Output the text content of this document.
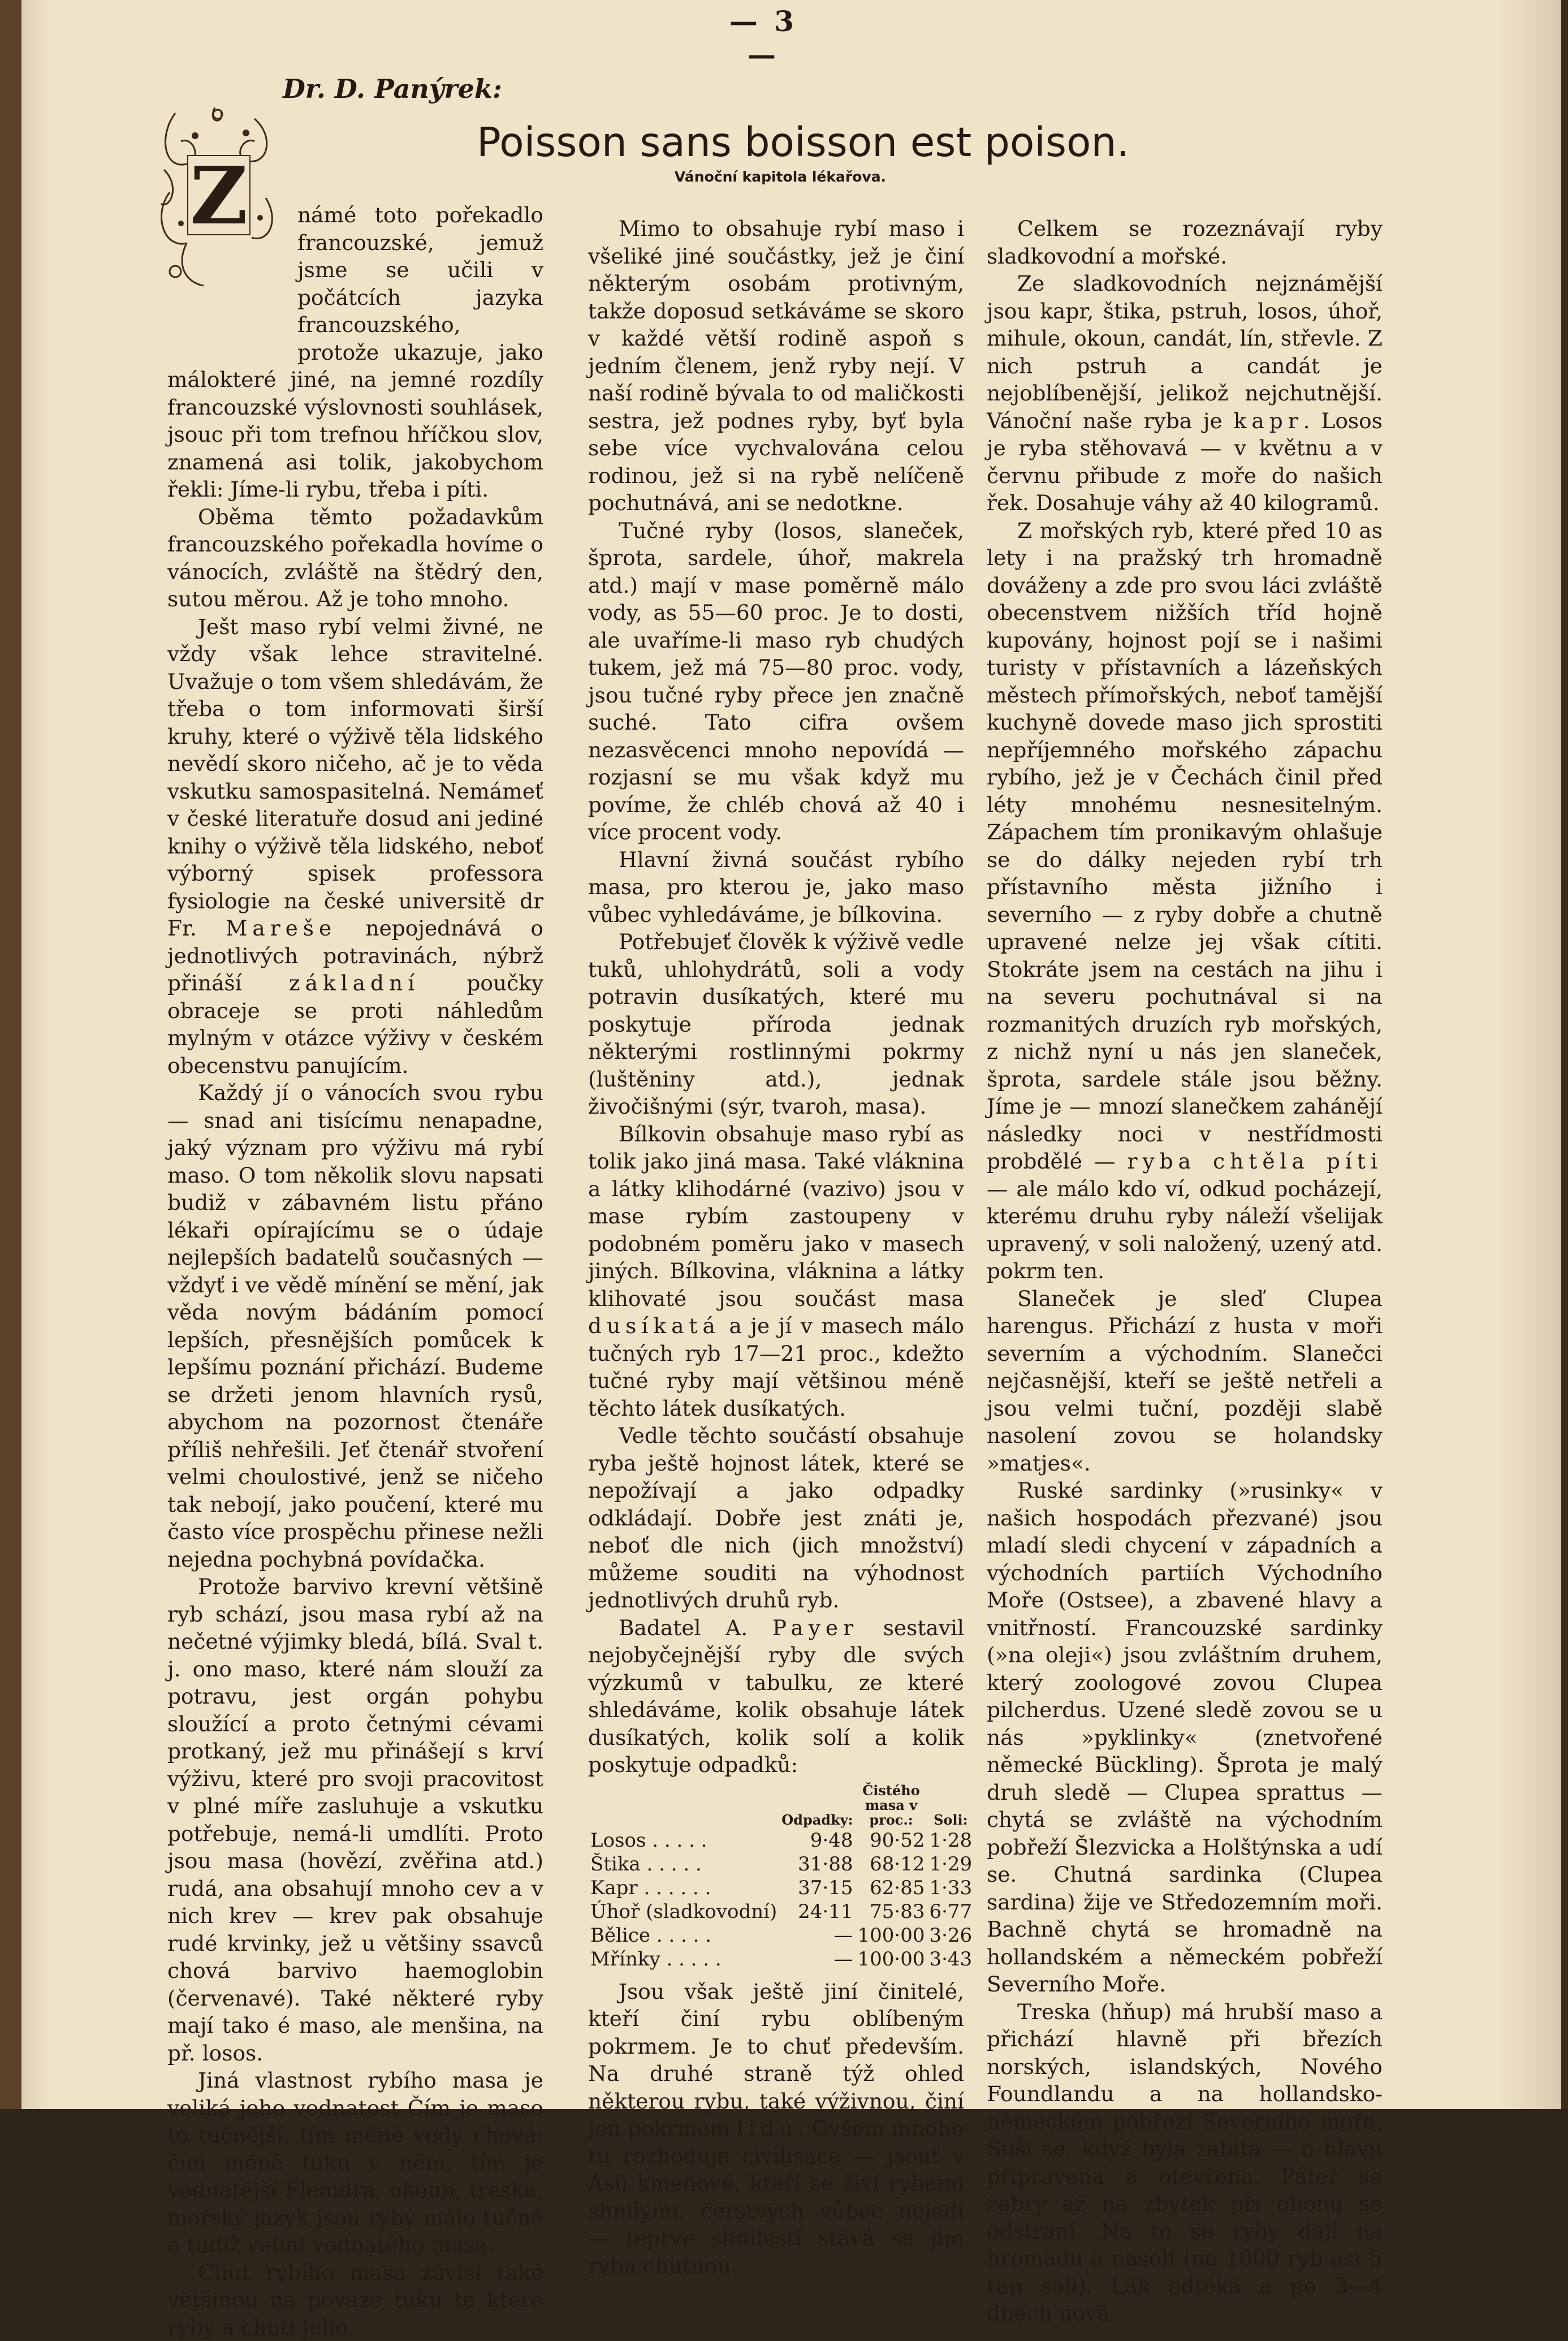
— 3 —
Dr. D. Panýrek:
Poisson sans boisson est poison.
Vánoční kapitola lékařova.
Z	námé toto pořekadlo francouzské, jemuž jsme se učili v počátcích jazyka francouzského, protože ukazuje, jako málokteré jiné, na jemné rozdíly francouzské výslovnosti souhlásek, jsouc při tom trefnou hříčkou slov, znamená asi tolik, jakobychom řekli: Jíme-li rybu, třeba i píti.

Oběma těmto požadavkům francouzského pořekadla hovíme o vánocích, zvláště na štědrý den, sutou měrou. Až je toho mnoho.

Ješt maso rybí velmi živné, ne vždy však lehce stravitelné. Uvažuje o tom všem shledávám, že třeba o tom informovati širší kruhy, které o výživě těla lidského nevědí skoro ničeho, ač je to věda vskutku samospasitelná. Nemámeť v české literatuře dosud ani jediné knihy o výživě těla lidského, neboť výborný spisek professora fysiologie na české universitě dr Fr. Mareše nepojednává o jednotlivých potravinách, nýbrž přináší základní poučky obraceje se proti náhledům mylným v otázce výživy v českém obecenstvu panujícím.

Každý jí o vánocích svou rybu — snad ani tisícímu nenapadne, jaký význam pro výživu má rybí maso. O tom několik slovu napsati budiž v zábavném listu přáno lékaři opírajícímu se o údaje nejlepších badatelů současných — vždyť i ve vědě mínění se mění, jak věda novým bádáním pomocí lepších, přesnějších pomůcek k lepšímu poznání přichází. Budeme se držeti jenom hlavních rysů, abychom na pozornost čtenáře příliš nehřešili. Jeť čtenář stvoření velmi choulostivé, jenž se ničeho tak nebojí, jako poučení, které mu často více prospěchu přinese nežli nejedna pochybná povídačka.

Protože barvivo krevní většině ryb schází, jsou masa rybí až na nečetné výjimky bledá, bílá. Sval t. j. ono maso, které nám slouží za potravu, jest orgán pohybu sloužící a proto četnými cévami protkaný, jež mu přinášejí s krví výživu, které pro svoji pracovitost v plné míře zasluhuje a vskutku potřebuje, nemá-li umdlíti. Proto jsou masa (hovězí, zvěřina atd.) rudá, ana obsahují mnoho cev a v nich krev — krev pak obsahuje rudé krvinky, jež u většiny ssavců chová barvivo haemoglobin (červenavé). Také některé ryby mají tako é maso, ale menšina, na př. losos.

Jiná vlastnost rybího masa je veliká jeho vodnatost Čím je maso to tučnější, tím méně vody chová; čím méně tuku v něm, tím je vodnatější Flemdra, okoun, treska, mořský jazyk jsou ryby málo tučné a tudíž velmi vodnatého masa.

Chuť rybího masa závisí také většinou na povaze tuku té které ryby a chuti jeho.

Mimo to obsahuje rybí maso i všeliké jiné součástky, jež je činí některým osobám protivným, takže doposud setkáváme se skoro v každé větší rodině aspoň s jedním členem, jenž ryby nejí. V naší rodině bývala to od maličkosti sestra, jež podnes ryby, byť byla sebe více vychvalována celou rodinou, jež si na rybě nelíčeně pochutnává, ani se nedotkne.

Tučné ryby (losos, slaneček, šprota, sardele, úhoř, makrela atd.) mají v mase poměrně málo vody, as 55—60 proc. Je to dosti, ale uvaříme-li maso ryb chudých tukem, jež má 75—80 proc. vody, jsou tučné ryby přece jen značně suché. Tato cifra ovšem nezasvěcenci mnoho nepovídá — rozjasní se mu však když mu povíme, že chléb chová až 40 i více procent vody.

Hlavní živná součást rybího masa, pro kterou je, jako maso vůbec vyhledáváme, je bílkovina.

Potřebujeť člověk k výživě vedle tuků, uhlohydrátů, soli a vody potravin dusíkatých, které mu poskytuje příroda jednak některými rostlinnými pokrmy (luštěniny atd.), jednak živočišnými (sýr, tvaroh, masa).

Bílkovin obsahuje maso rybí as tolik jako jiná masa. Také vláknina a látky klihodárné (vazivo) jsou v mase rybím zastoupeny v podobném poměru jako v masech jiných. Bílkovina, vláknina a látky klihovaté jsou součást masa dusíkatá a je jí v masech málo tučných ryb 17—21 proc., kdežto tučné ryby mají většinou méně těchto látek dusíkatých.

Vedle těchto součástí obsahuje ryba ještě hojnost látek, které se nepožívají a jako odpadky odkládají. Dobře jest znáti je, neboť dle nich (jich množství) můžeme souditi na výhodnost jednotlivých druhů ryb.

Badatel A. Payer sestavil nejobyčejnější ryby dle svých výzkumů v tabulku, ze které shledáváme, kolik obsahuje látek dusíkatých, kolik solí a kolik poskytuje odpadků:

	Odpadky:	Čistého masa v proc.:	Soli:
Losos . . . . .	9·48	90·52	1·28
Štika . . . . .	31·88	68·12	1·29
Kapr . . . . . .	37·15	62·85	1·33
Úhoř (sladkovodní)	24·11	75·83	6·77
Bělice . . . . .	—	100·00	3·26
Mřínky . . . . .	—	100·00	3·43

Jsou však ještě jiní činitelé, kteří činí rybu oblíbeným pokrmem. Je to chuť především. Na druhé straně týž ohled některou rybu, také výživnou, činí jen pokrmem lidu. Ovšem mnoho tu rozhoduje civilisace — jsouť v Asii kmenové, kteří se živí rybami shnilými, čerstvých vůbec nejedí — teprve shnilostí stává se jim ryba chutnou.

Celkem se rozeznávají ryby sladkovodní a mořské.

Ze sladkovodních nejznámější jsou kapr, štika, pstruh, losos, úhoř, mihule, okoun, candát, lín, střevle. Z nich pstruh a candát je nejoblíbenější, jelikož nejchutnější. Vánoční naše ryba je kapr. Losos je ryba stěhovavá — v květnu a v červnu přibude z moře do našich řek. Dosahuje váhy až 40 kilogramů.

Z mořských ryb, které před 10 as lety i na pražský trh hromadně dováženy a zde pro svou láci zvláště obecenstvem nižších tříd hojně kupovány, hojnost pojí se i našimi turisty v přístavních a lázeňských městech přímořských, neboť tamější kuchyně dovede maso jich sprostiti nepříjemného mořského zápachu rybího, jež je v Čechách činil před léty mnohému nesnesitelným. Zápachem tím pronikavým ohlašuje se do dálky nejeden rybí trh přístavního města jižního i severního — z ryby dobře a chutně upravené nelze jej však cítiti. Stokráte jsem na cestách na jihu i na severu pochutnával si na rozmanitých druzích ryb mořských, z nichž nyní u nás jen slaneček, šprota, sardele stále jsou běžny. Jíme je — mnozí slanečkem zahánějí následky noci v nestřídmosti probdělé — ryba chtěla píti — ale málo kdo ví, odkud pocházejí, kterému druhu ryby náleží všelijak upravený, v soli naložený, uzený atd. pokrm ten.

Slaneček je sleď Clupea harengus. Přichází z husta v moři severním a východním. Slanečci nejčasnější, kteří se ještě netřeli a jsou velmi tuční, později slabě nasolení zovou se holandsky »matjes«.

Ruské sardinky (»rusinky« v našich hospodách přezvané) jsou mladí sledi chycení v západních a východních partiích Východního Moře (Ostsee), a zbavené hlavy a vnitřností. Francouzské sardinky (»na oleji«) jsou zvláštním druhem, který zoologové zovou Clupea pilcherdus. Uzené sledě zovou se u nás »pyklinky« (znetvořené německé Bückling). Šprota je malý druh sledě — Clupea sprattus — chytá se zvláště na východním pobřeží Šlezvicka a Holštýnska a udí se. Chutná sardinka (Clupea sardina) žije ve Středozemním moři. Bachně chytá se hromadně na hollandském a německém pobřeží Severního Moře.

Treska (hňup) má hrubší maso a přichází hlavně při březích norských, islandských, Nového Foundlandu a na hollandsko-německém pobřeží Severního moře. Suší se, když byla zabita — o hlavu připravena a otevřena. Páteř se žebry až na zbytek při ohonu se odstraní. Na to se ryby dají na hromadu a nasolí (na 1000 ryb asi 5 tun soli). Lák odtéká a po 3—4 dnech nová
